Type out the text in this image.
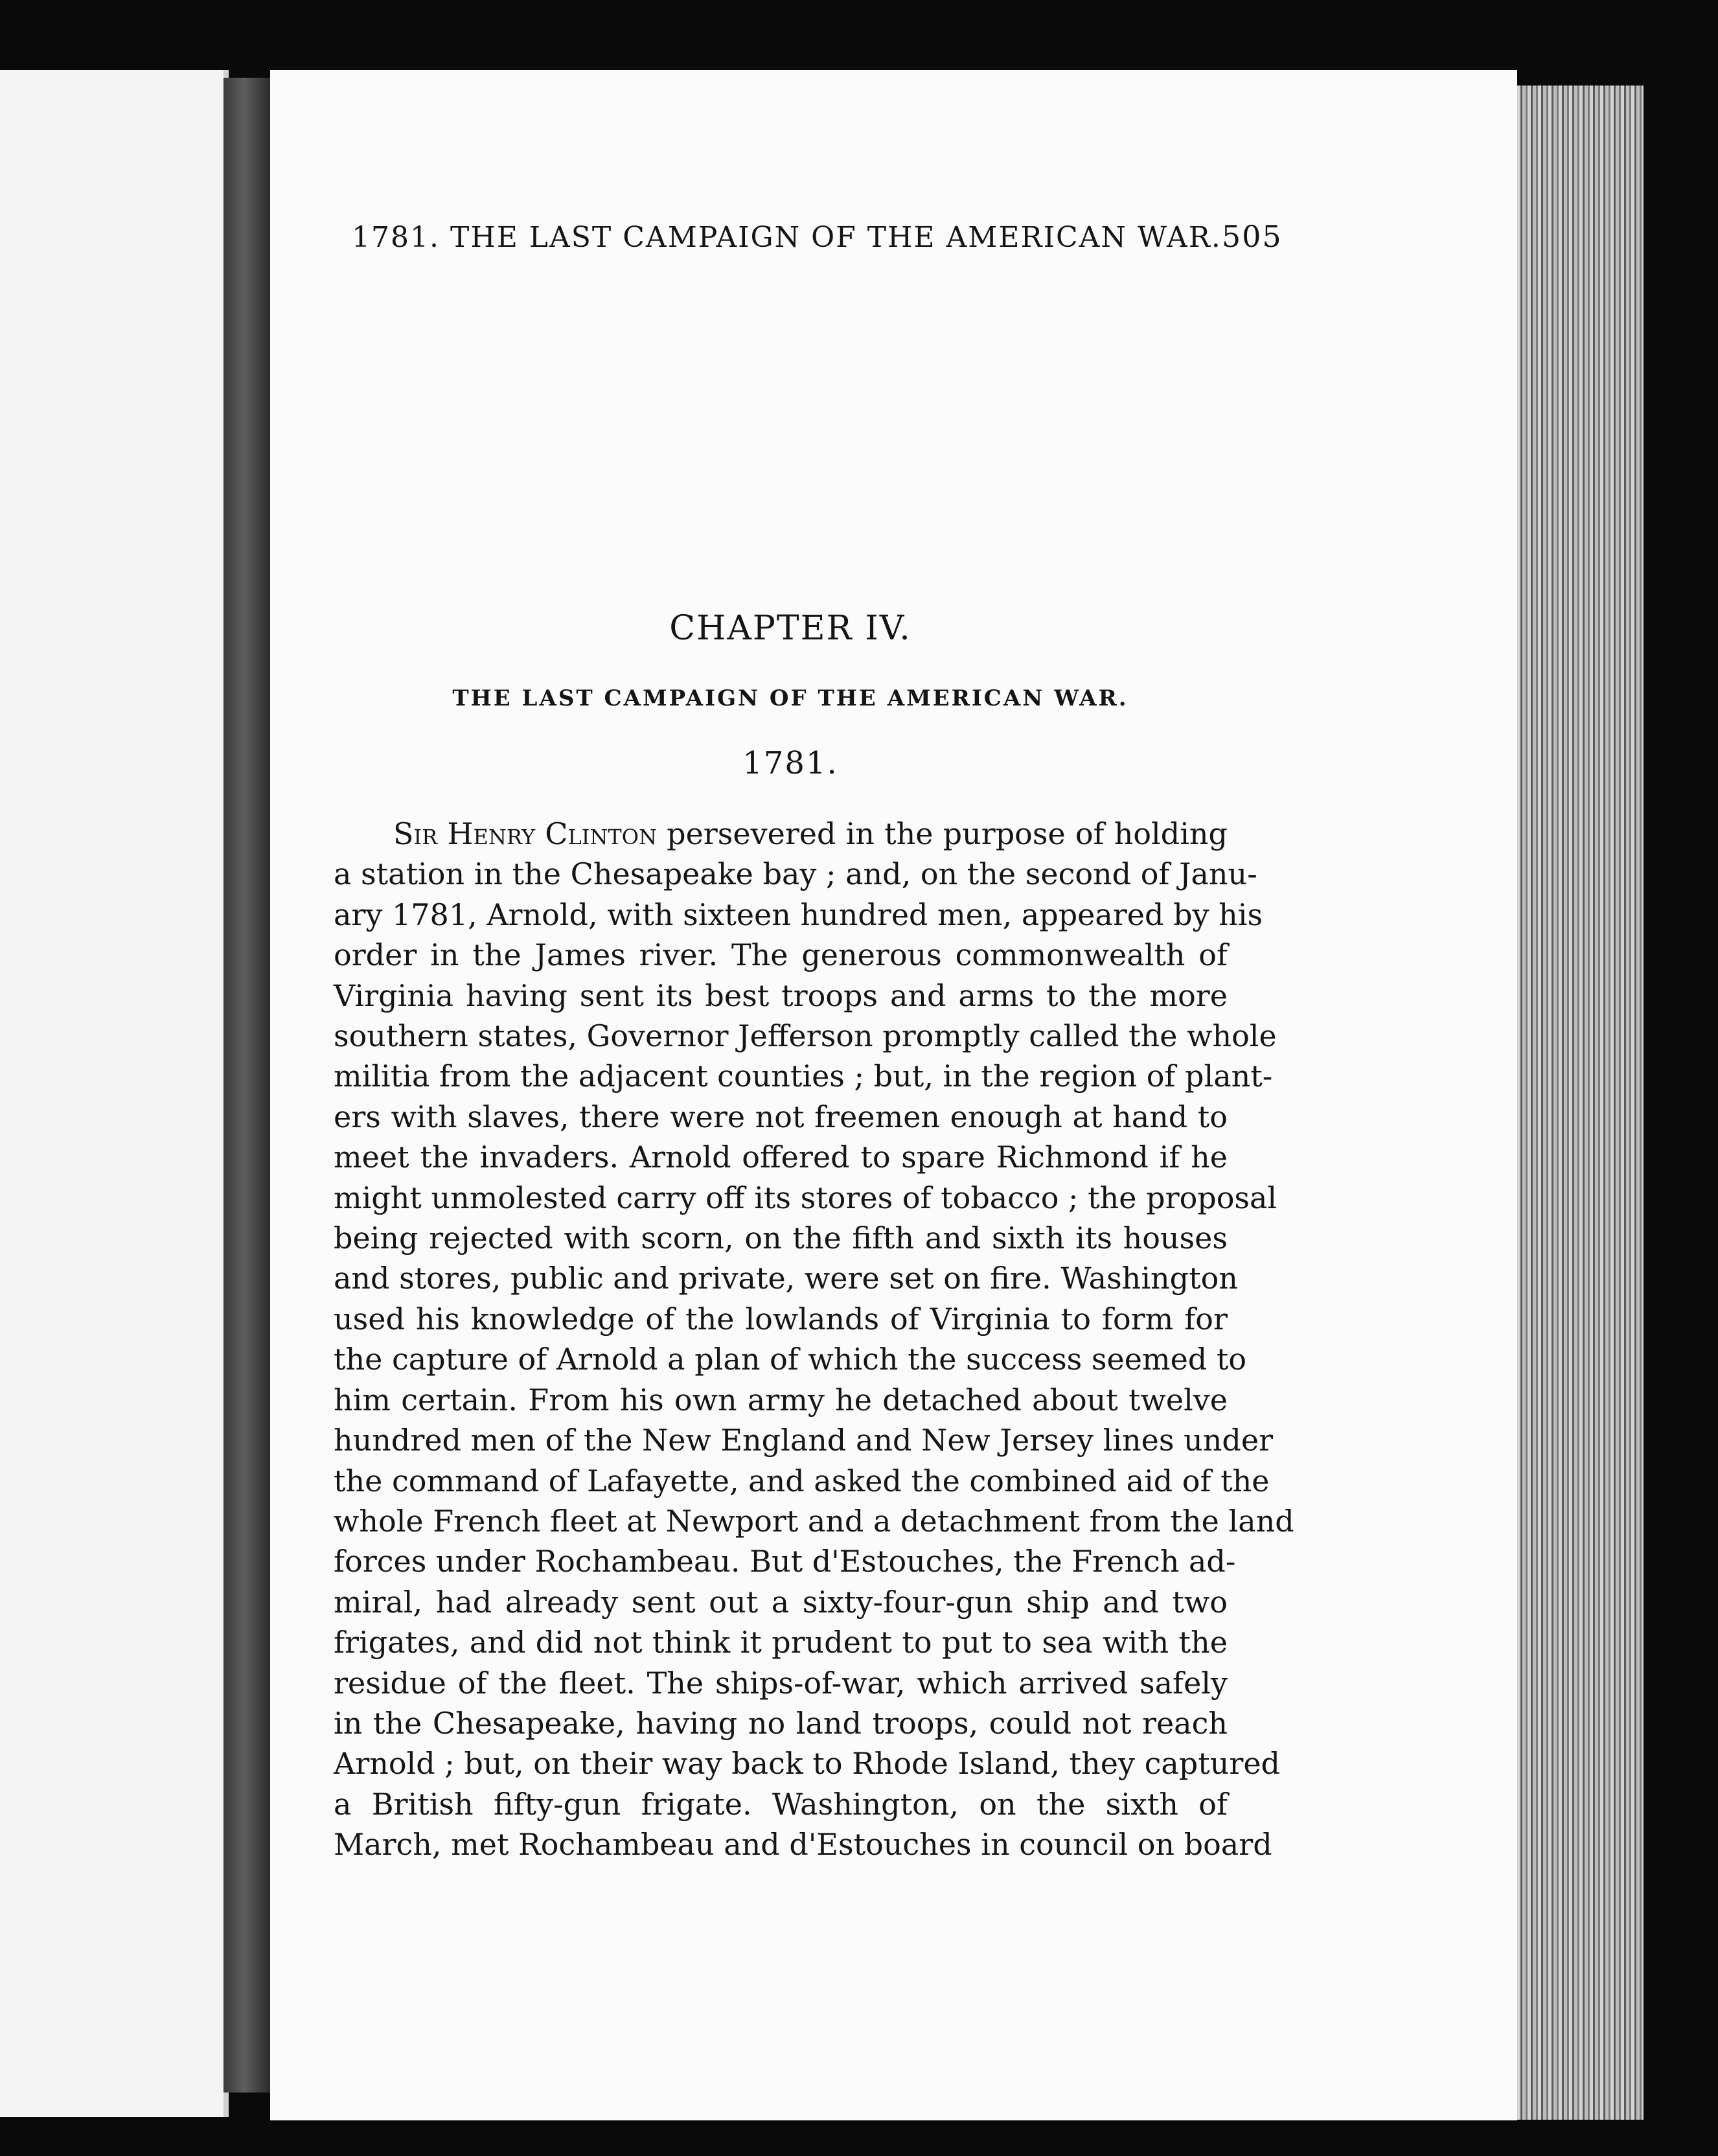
1781. THE LAST CAMPAIGN OF THE AMERICAN WAR. 505
CHAPTER IV.
THE LAST CAMPAIGN OF THE AMERICAN WAR.
1781.
Sir Henry Clinton persevered in the purpose of holding
a station in the Chesapeake bay ; and, on the second of Janu-
ary 1781, Arnold, with sixteen hundred men, appeared by his
order in the James river. The generous commonwealth of
Virginia having sent its best troops and arms to the more
southern states, Governor Jefferson promptly called the whole
militia from the adjacent counties ; but, in the region of plant-
ers with slaves, there were not freemen enough at hand to
meet the invaders. Arnold offered to spare Richmond if he
might unmolested carry off its stores of tobacco ; the proposal
being rejected with scorn, on the fifth and sixth its houses
and stores, public and private, were set on fire. Washington
used his knowledge of the lowlands of Virginia to form for
the capture of Arnold a plan of which the success seemed to
him certain. From his own army he detached about twelve
hundred men of the New England and New Jersey lines under
the command of Lafayette, and asked the combined aid of the
whole French fleet at Newport and a detachment from the land
forces under Rochambeau. But d'Estouches, the French ad-
miral, had already sent out a sixty-four-gun ship and two
frigates, and did not think it prudent to put to sea with the
residue of the fleet. The ships-of-war, which arrived safely
in the Chesapeake, having no land troops, could not reach
Arnold ; but, on their way back to Rhode Island, they captured
a British fifty-gun frigate. Washington, on the sixth of
March, met Rochambeau and d'Estouches in council on board
